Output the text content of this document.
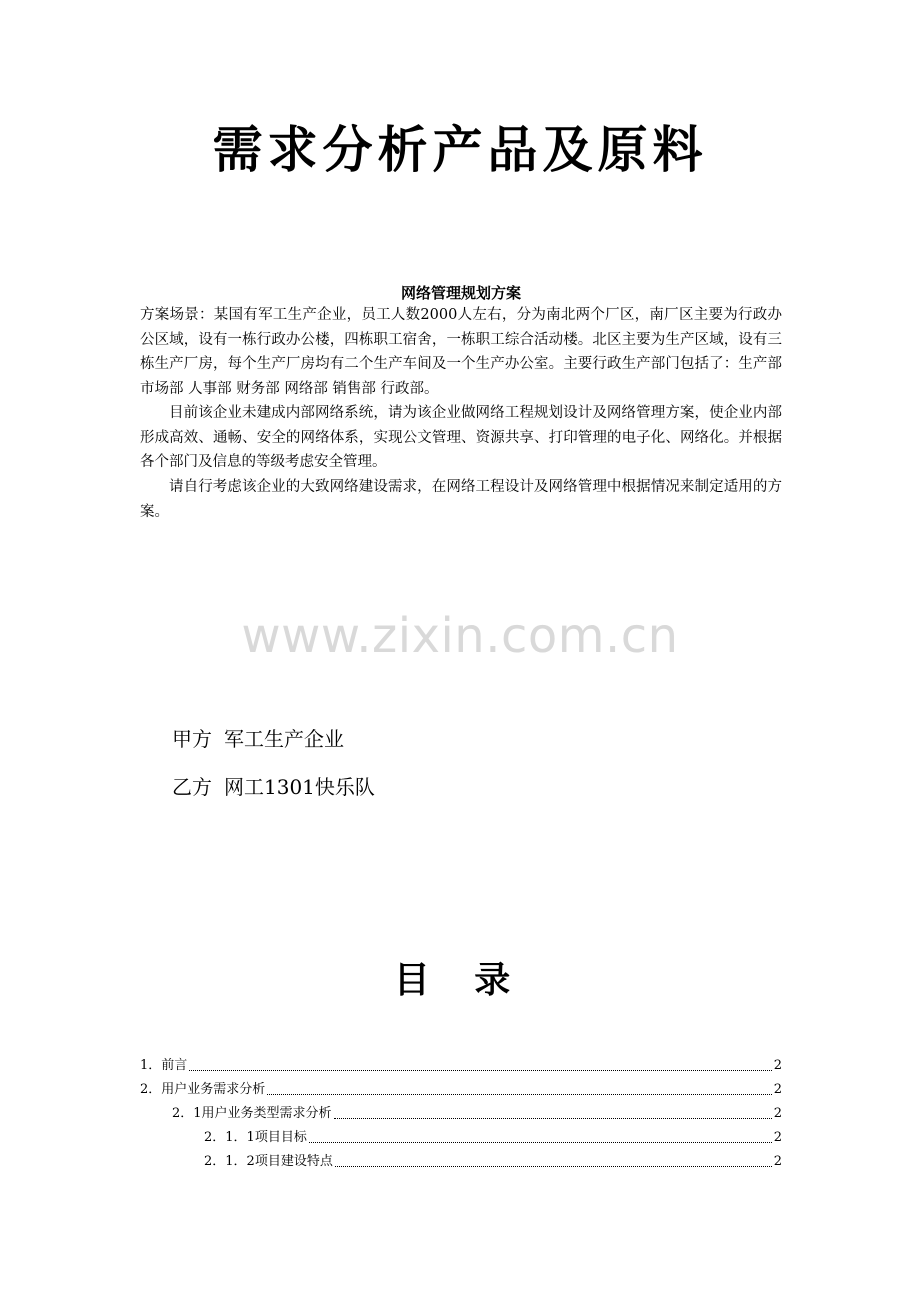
需求分析产品及原料
网络管理规划方案

方案场景：某国有军工生产企业，员工人数2000人左右，分为南北两个厂区，南厂区主要为行政办公区域，设有一栋行政办公楼，四栋职工宿舍，一栋职工综合活动楼。北区主要为生产区域，设有三栋生产厂房，每个生产厂房均有二个生产车间及一个生产办公室。主要行政生产部门包括了：生产部 市场部 人事部 财务部 网络部 销售部 行政部。

目前该企业未建成内部网络系统，请为该企业做网络工程规划设计及网络管理方案，使企业内部形成高效、通畅、安全的网络体系，实现公文管理、资源共享、打印管理的电子化、网络化。并根据各个部门及信息的等级考虑安全管理。

请自行考虑该企业的大致网络建设需求，在网络工程设计及网络管理中根据情况来制定适用的方案。

www.zixin.com.cn
甲方 军工生产企业
乙方 网工1301快乐队
目 录
1．前言	2
2．用户业务需求分析	2
2．1用户业务类型需求分析	2
2．1．1项目目标	2
2．1．2项目建设特点	2
